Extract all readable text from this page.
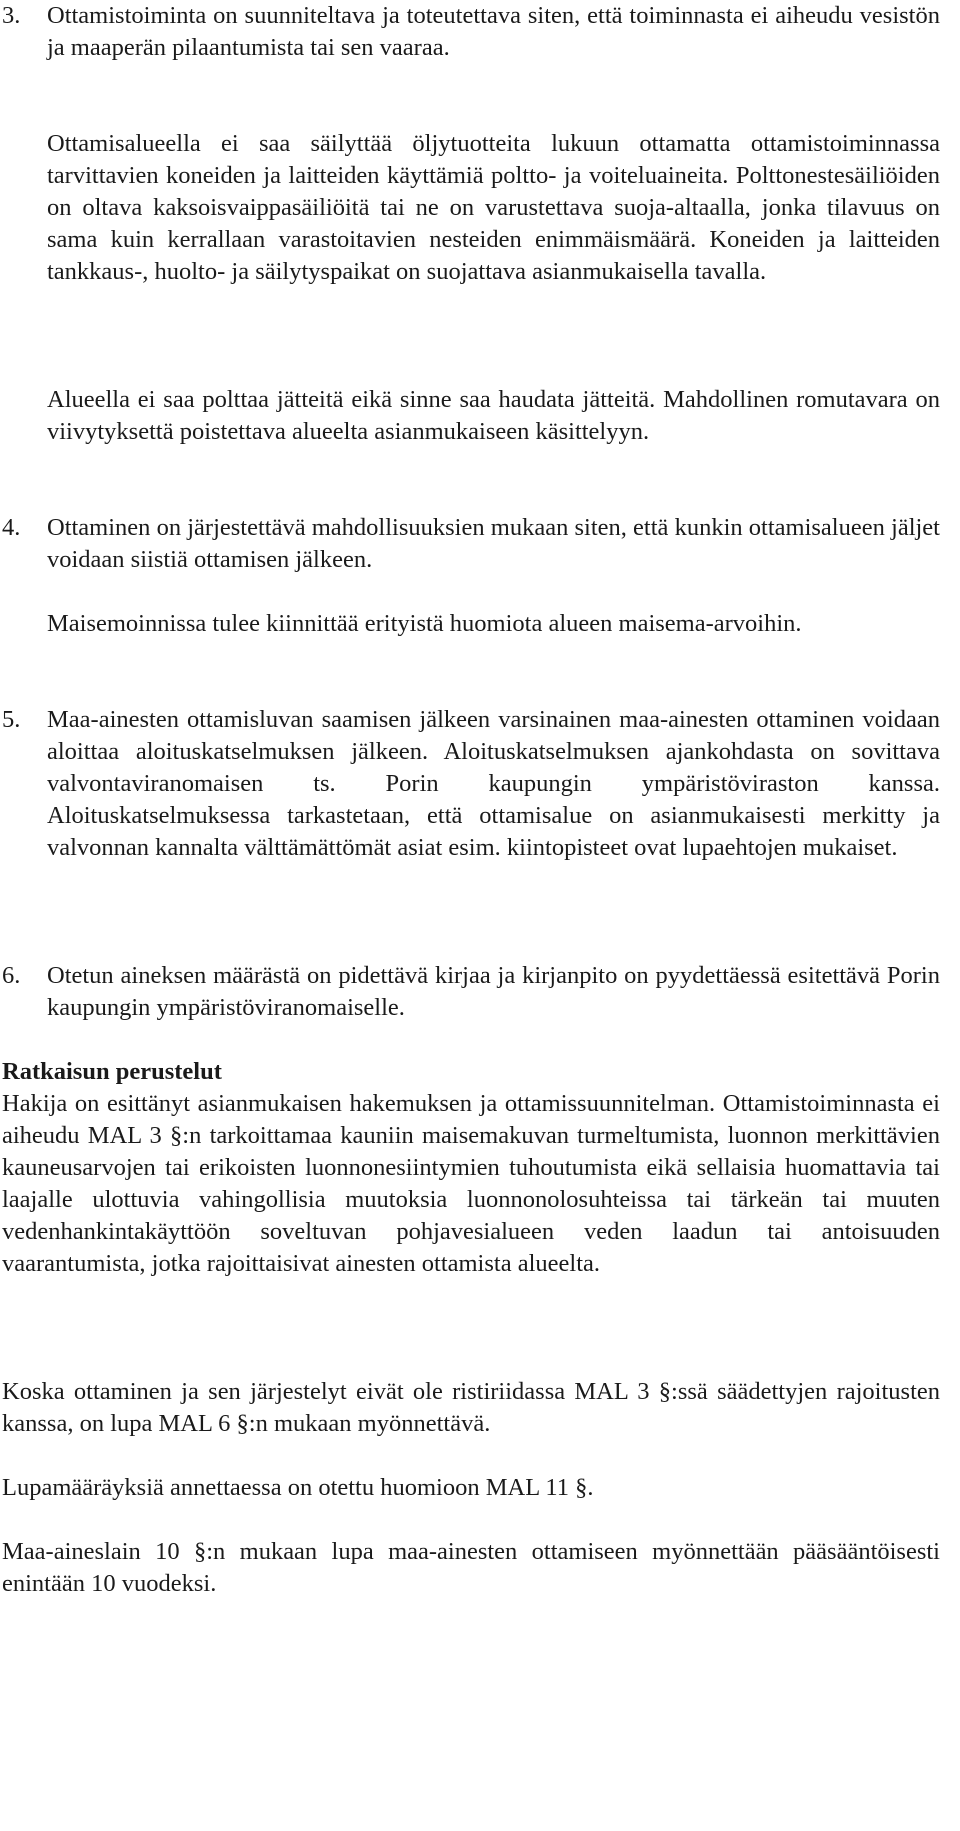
3. Ottamistoiminta on suunniteltava ja toteutettava siten, että toiminnasta ei aiheudu vesistön ja maaperän pilaantumista tai sen vaaraa.

Ottamisalueella ei saa säilyttää öljytuotteita lukuun ottamatta ottamistoiminnassa tarvittavien koneiden ja laitteiden käyttämiä poltto- ja voiteluaineita. Polttonestesäiliöiden on oltava kaksoisvaippasäiliöitä tai ne on varustettava suoja-altaalla, jonka tilavuus on sama kuin kerrallaan varastoitavien nesteiden enimmäismäärä. Koneiden ja laitteiden tankkaus-, huolto- ja säilytyspaikat on suojattava asianmukaisella tavalla.

Alueella ei saa polttaa jätteitä eikä sinne saa haudata jätteitä. Mahdollinen romutavara on viivytyksettä poistettava alueelta asianmukaiseen käsittelyyn.

4. Ottaminen on järjestettävä mahdollisuuksien mukaan siten, että kunkin ottamisalueen jäljet voidaan siistiä ottamisen jälkeen.

Maisemoinnissa tulee kiinnittää erityistä huomiota alueen maisema-arvoihin.

5. Maa-ainesten ottamisluvan saamisen jälkeen varsinainen maa-ainesten ottaminen voidaan aloittaa aloituskatselmuksen jälkeen. Aloituskatselmuksen ajankohdasta on sovittava valvontaviranomaisen ts. Porin kaupungin ympäristöviraston kanssa. Aloituskatselmuksessa tarkastetaan, että ottamisalue on asianmukaisesti merkitty ja valvonnan kannalta välttämättömät asiat esim. kiintopisteet ovat lupaehtojen mukaiset.

6. Otetun aineksen määrästä on pidettävä kirjaa ja kirjanpito on pyydettäessä esitettävä Porin kaupungin ympäristöviranomaiselle.

Ratkaisun perustelut

Hakija on esittänyt asianmukaisen hakemuksen ja ottamissuunnitelman. Ottamistoiminnasta ei aiheudu MAL 3 §:n tarkoittamaa kauniin maisemakuvan turmeltumista, luonnon merkittävien kauneusarvojen tai erikoisten luonnonesiintymien tuhoutumista eikä sellaisia huomattavia tai laajalle ulottuvia vahingollisia muutoksia luonnonolosuhteissa tai tärkeän tai muuten vedenhankintakäyttöön soveltuvan pohjavesialueen veden laadun tai antoisuuden vaarantumista, jotka rajoittaisivat ainesten ottamista alueelta.

Koska ottaminen ja sen järjestelyt eivät ole ristiriidassa MAL 3 §:ssä säädettyjen rajoitusten kanssa, on lupa MAL 6 §:n mukaan myönnettävä.

Lupamääräyksiä annettaessa on otettu huomioon MAL 11 §.

Maa-aineslain 10 §:n mukaan lupa maa-ainesten ottamiseen myönnettään pääsääntöisesti enintään 10 vuodeksi.
